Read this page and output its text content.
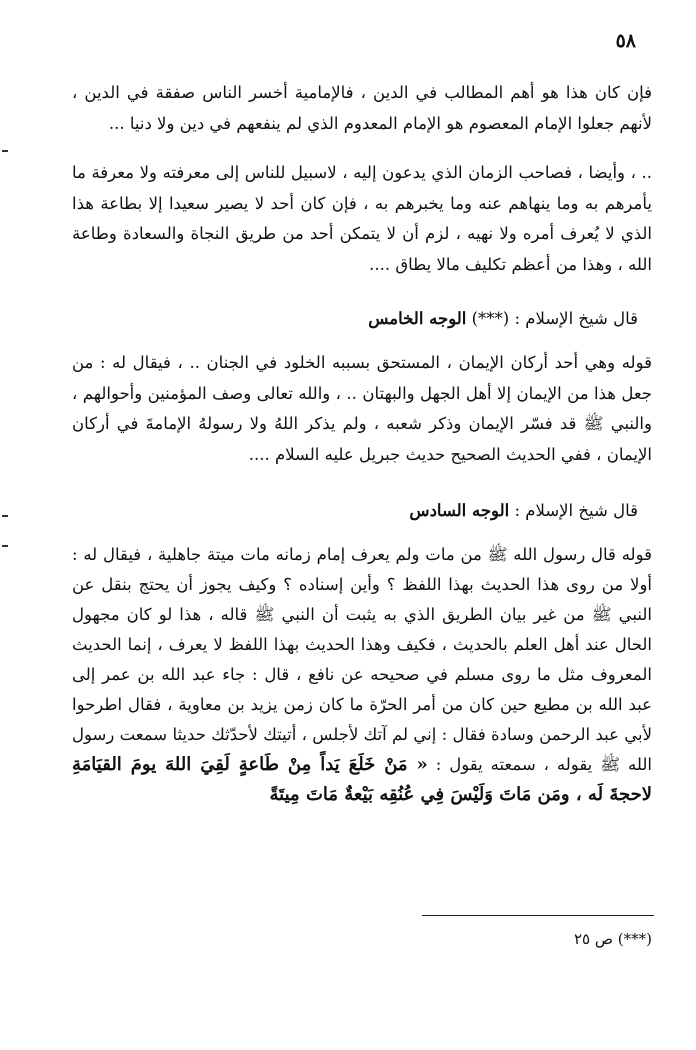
٥٨
فإن كان هذا هو أهم المطالب في الدين ، فالإمامية أخسر الناس صفقة في الدين ، لأنهم جعلوا الإمام المعصوم هو الإمام المعدوم الذي لم ينفعهم في دين ولا دنيا ...
.. ، وأيضا ، فصاحب الزمان الذي يدعون إليه ، لاسبيل للناس إلى معرفته ولا معرفة ما يأمرهم به وما ينهاهم عنه وما يخبرهم به ، فإن كان أحد لا يصير سعيدا إلا بطاعة هذا الذي لا يُعرف أمره ولا نهيه ، لزم أن لا يتمكن أحد من طريق النجاة والسعادة وطاعة الله ، وهذا من أعظم تكليف مالا يطاق ....
قال شيخ الإسلام : (***) الوجه الخامس
قوله وهي أحد أركان الإيمان ، المستحق بسببه الخلود في الجنان .. ، فيقال له : من جعل هذا من الإيمان إلا أهل الجهل والبهتان .. ، والله تعالى وصف المؤمنين وأحوالهم ، والنبي ﷺ قد فسّر الإيمان وذكر شعبه ، ولم يذكر اللهُ ولا رسولهُ الإمامةَ في أركان الإيمان ، ففي الحديث الصحيح حديث جبريل عليه السلام ....
قال شيخ الإسلام : الوجه السادس
قوله قال رسول الله ﷺ من مات ولم يعرف إمام زمانه مات ميتة جاهلية ، فيقال له : أولا من روى هذا الحديث بهذا اللفظ ؟ وأين إسناده ؟ وكيف يجوز أن يحتج بنقل عن النبي ﷺ من غير بيان الطريق الذي به يثبت أن النبي ﷺ قاله ، هذا لو كان مجهول الحال عند أهل العلم بالحديث ، فكيف وهذا الحديث بهذا اللفظ لا يعرف ، إنما الحديث المعروف مثل ما روى مسلم في صحيحه عن نافع ، قال : جاء عبد الله بن عمر إلى عبد الله بن مطيع حين كان من أمر الحرّة ما كان زمن يزيد بن معاوية ، فقال اطرحوا لأبي عبد الرحمن وسادة فقال : إني لم آتك لأجلس ، أتيتك لأحدّثك حديثا سمعت رسول الله ﷺ يقوله ، سمعته يقول : « مَنْ خَلَعَ يَداً مِنْ طَاعةٍ لَقِيَ اللهَ يومَ القيَامَةِ لاحجةَ لَه ، ومَن مَاتَ وَلَيْسَ فِي عُنُقِه بَيْعةٌ مَاتَ مِيتَةً
(***) ص ٢٥
